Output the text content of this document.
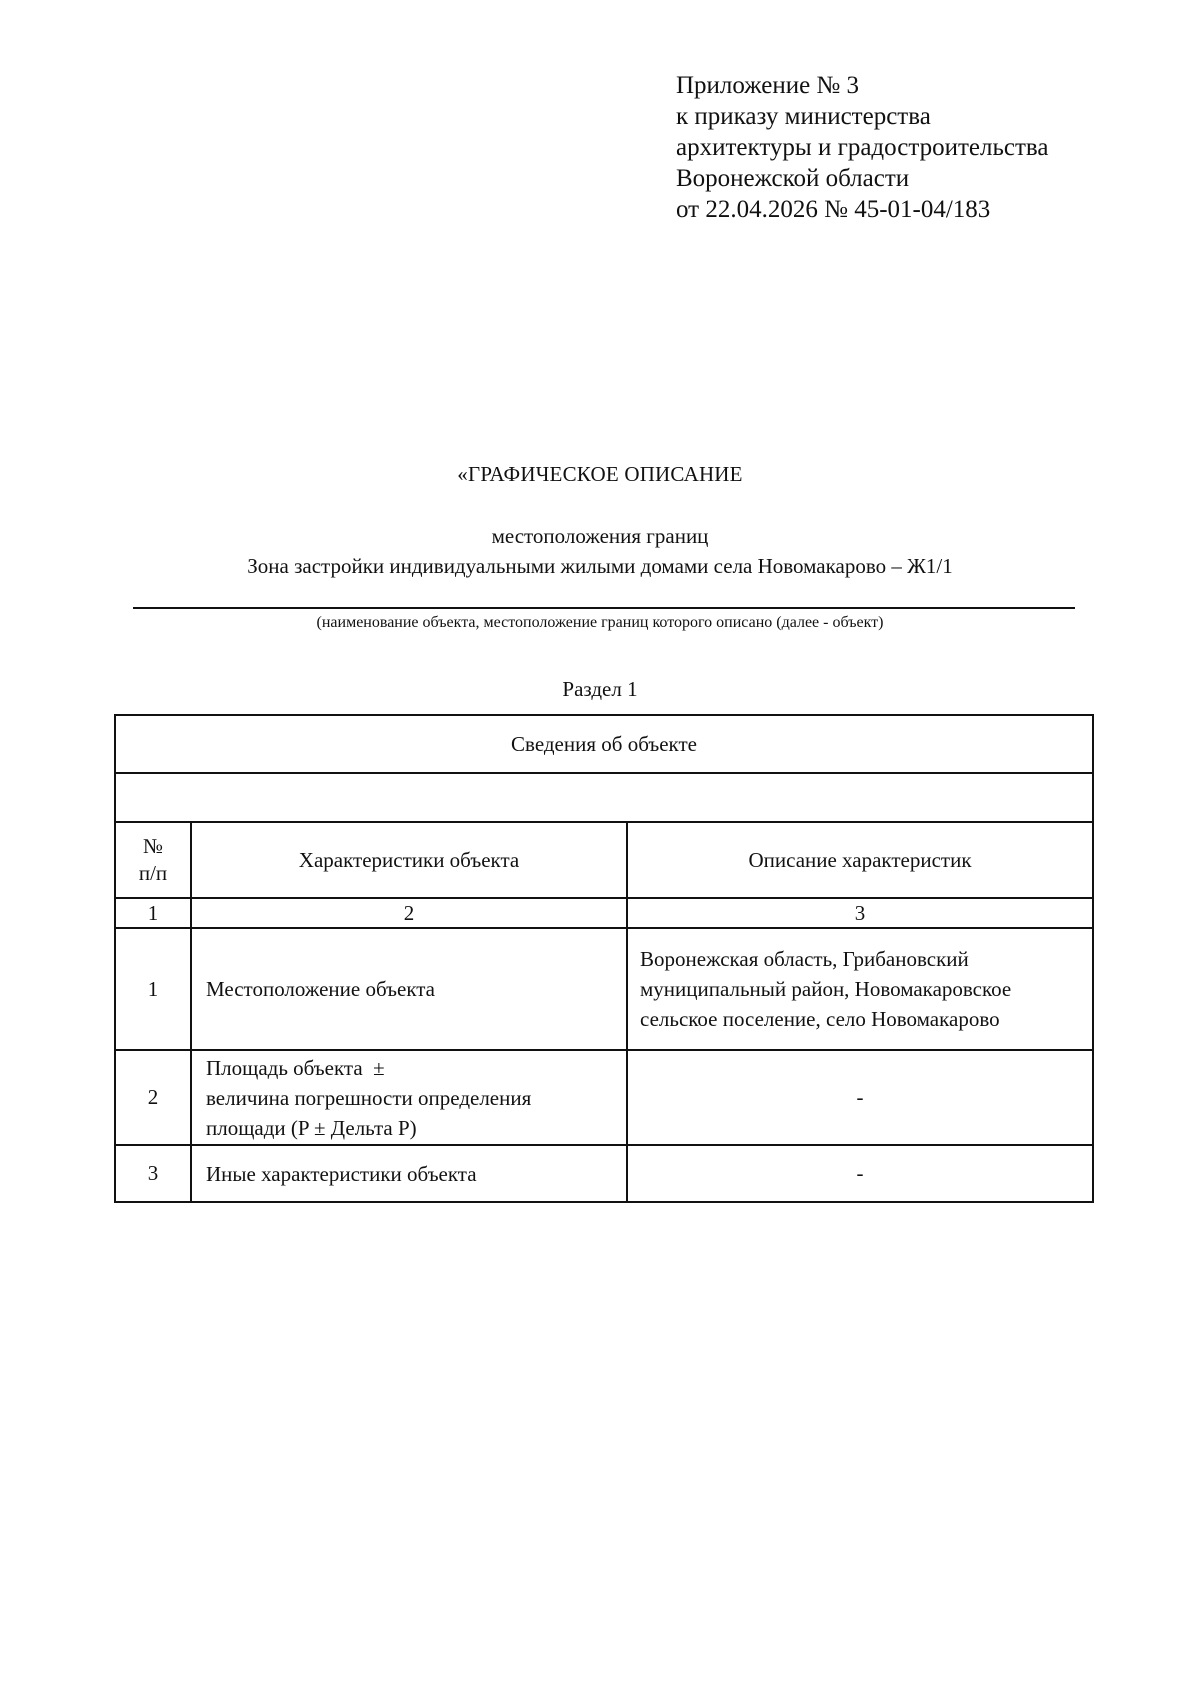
Приложение № 3
к приказу министерства
архитектуры и градостроительства
Воронежской области
от 22.04.2026 № 45-01-04/183
«ГРАФИЧЕСКОЕ ОПИСАНИЕ
местоположения границ
Зона застройки индивидуальными жилыми домами села Новомакарово – Ж1/1
(наименование объекта, местоположение границ которого описано (далее - объект)
Раздел 1
Сведения об объекте		

№
п/п	Характеристики объекта	Описание характеристик
1	2	3
1	Местоположение объекта	Воронежская область, Грибановский
муниципальный район, Новомакаровское
сельское поселение, село Новомакарово

2	Площадь объекта  ±
величина погрешности определения
площади (P ± Дельта P)	-
3	Иные характеристики объекта	-
